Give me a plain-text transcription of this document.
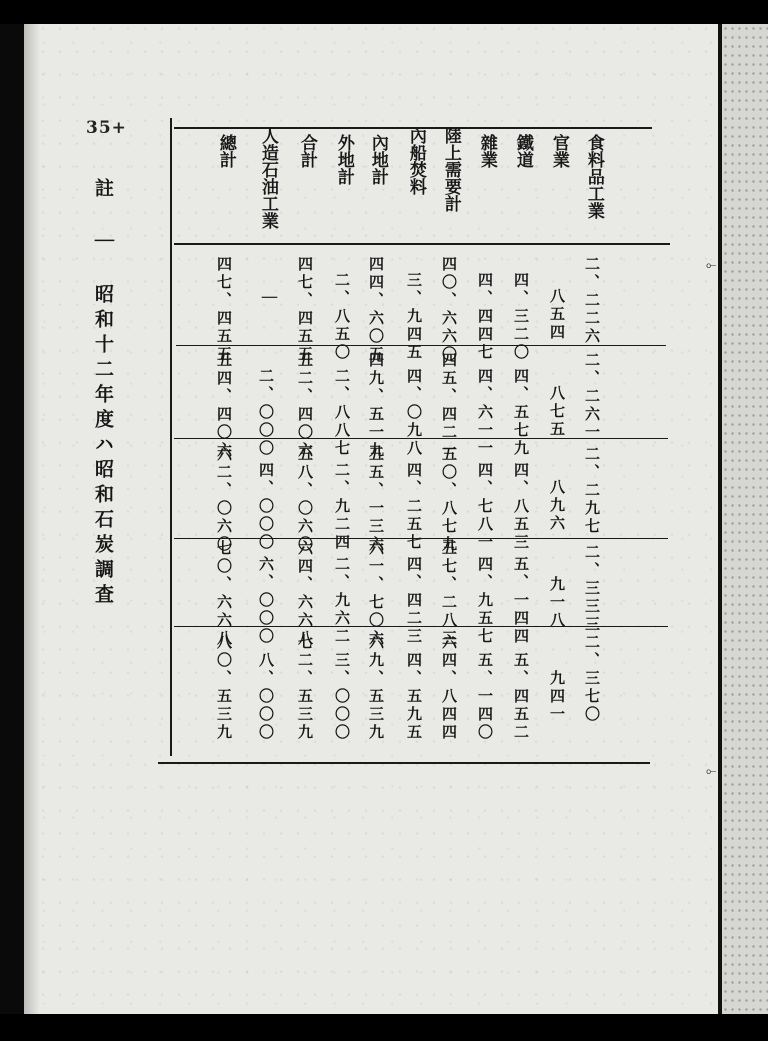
35+
註 ｜ 昭和十二年度ハ昭和石炭調査
食料品工業
官業
鐵道
雜業
陸上需要計
內船焚料
內地計
外地計
合計
人造石油工業
總計
二、二二六
二、二六一
二、二九七
二、三三三
二、三七〇
八五四
八七五
八九六
九一八
九四一
四、三二〇
四、五七九
四、八五三
五、一四四
五、四五二
四、四四七
四、六一一
四、七八一
四、九五七
五、一四〇
四〇、六六〇
四五、四二一
五〇、八七九
五七、二八三
六四、八四四
三、九四五
四、〇九八
四、二五七
四、四二三
四、五九五
四四、六〇五
四九、五一九
五五、一三六
六一、七〇六
六九、五三九
二、八五〇
二、八八七
二、九二四
二、九六二
三、〇〇〇
四七、四五五
五二、四〇六
五八、〇六〇
六四、六六八
七二、五三九
｜
二、〇〇〇
四、〇〇〇
六、〇〇〇
八、〇〇〇
四七、四五五
五四、四〇六
六二、〇六〇
七〇、六六八
八〇、五三九
⟜
⟜
